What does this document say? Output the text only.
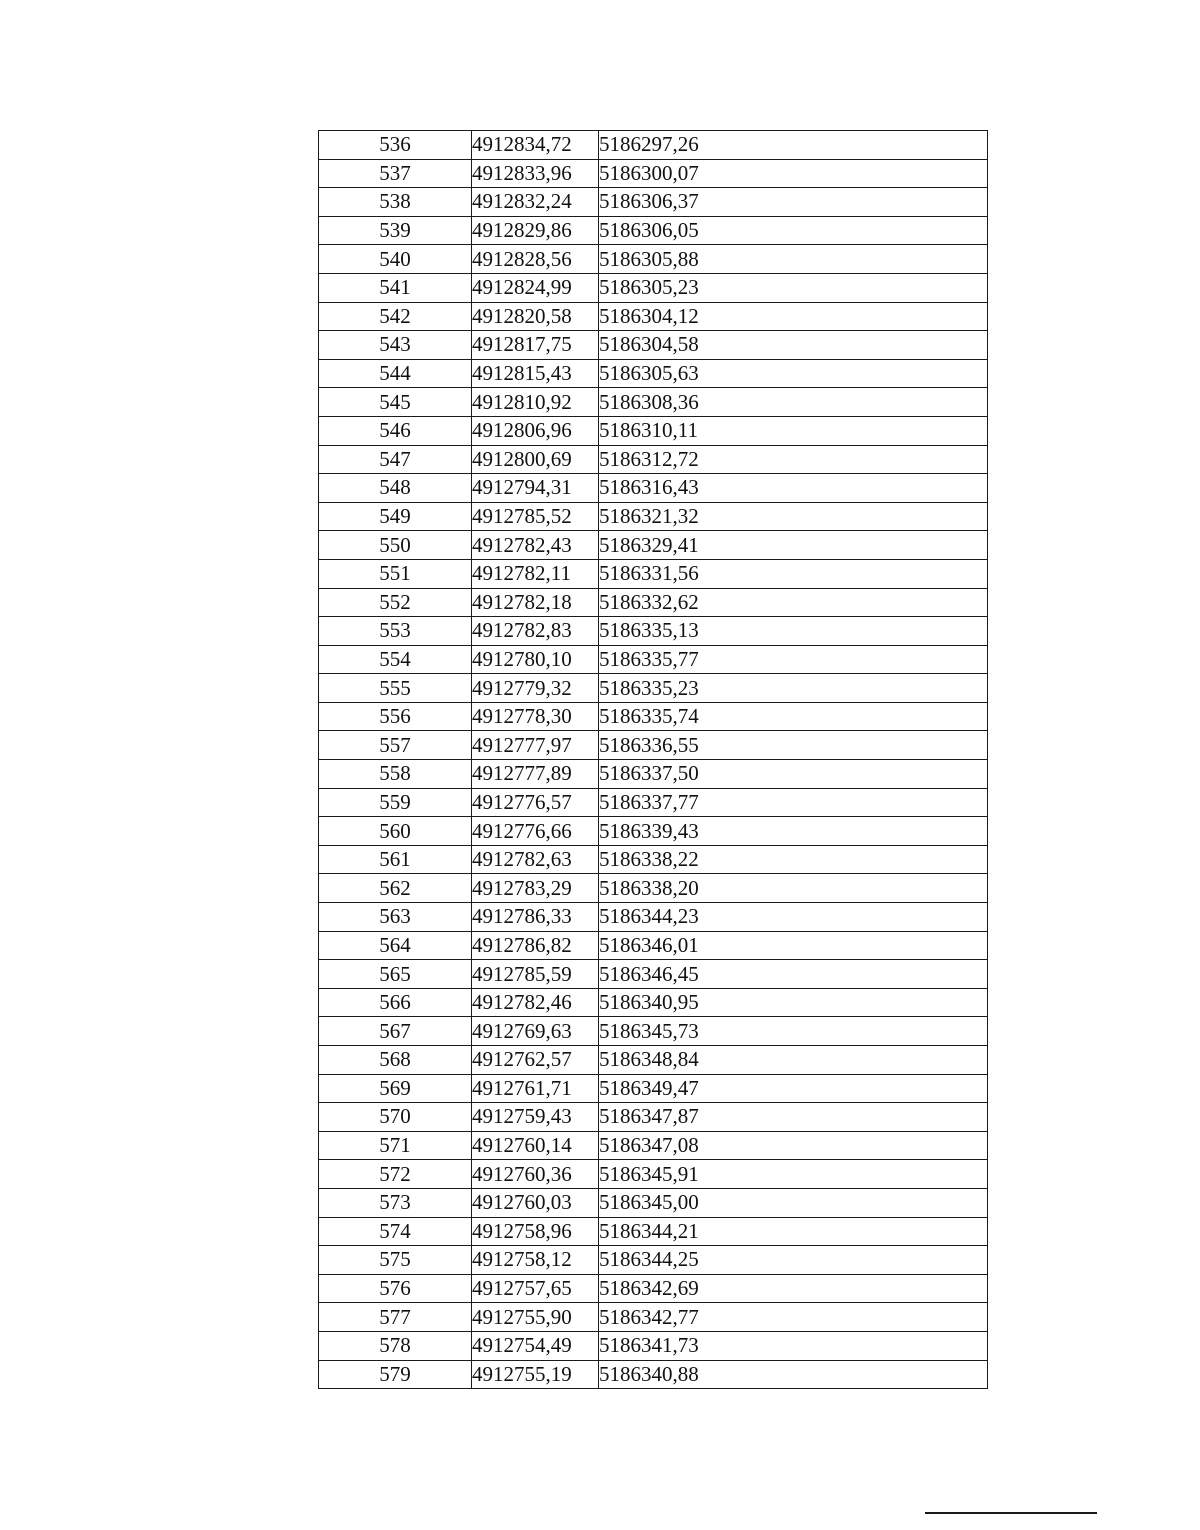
536	4912834,72	5186297,26
537	4912833,96	5186300,07
538	4912832,24	5186306,37
539	4912829,86	5186306,05
540	4912828,56	5186305,88
541	4912824,99	5186305,23
542	4912820,58	5186304,12
543	4912817,75	5186304,58
544	4912815,43	5186305,63
545	4912810,92	5186308,36
546	4912806,96	5186310,11
547	4912800,69	5186312,72
548	4912794,31	5186316,43
549	4912785,52	5186321,32
550	4912782,43	5186329,41
551	4912782,11	5186331,56
552	4912782,18	5186332,62
553	4912782,83	5186335,13
554	4912780,10	5186335,77
555	4912779,32	5186335,23
556	4912778,30	5186335,74
557	4912777,97	5186336,55
558	4912777,89	5186337,50
559	4912776,57	5186337,77
560	4912776,66	5186339,43
561	4912782,63	5186338,22
562	4912783,29	5186338,20
563	4912786,33	5186344,23
564	4912786,82	5186346,01
565	4912785,59	5186346,45
566	4912782,46	5186340,95
567	4912769,63	5186345,73
568	4912762,57	5186348,84
569	4912761,71	5186349,47
570	4912759,43	5186347,87
571	4912760,14	5186347,08
572	4912760,36	5186345,91
573	4912760,03	5186345,00
574	4912758,96	5186344,21
575	4912758,12	5186344,25
576	4912757,65	5186342,69
577	4912755,90	5186342,77
578	4912754,49	5186341,73
579	4912755,19	5186340,88
